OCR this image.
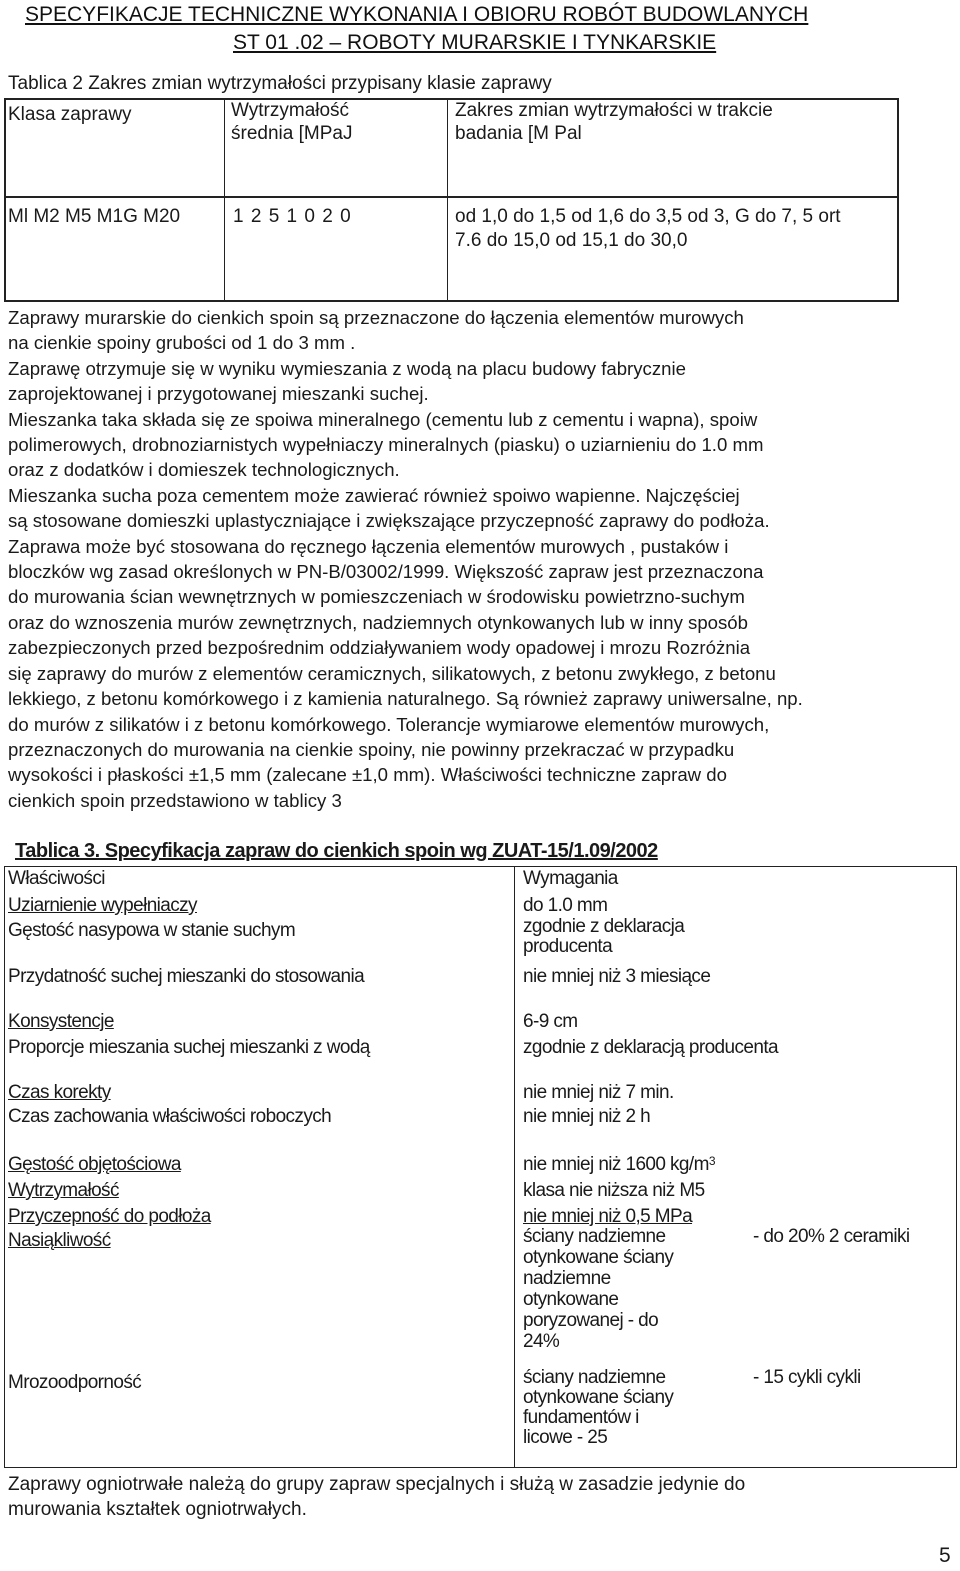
SPECYFIKACJE TECHNICZNE WYKONANIA I OBIORU ROBÓT BUDOWLANYCH
ST 01 .02 – ROBOTY MURARSKIE I TYNKARSKIE
Tablica 2 Zakres zmian wytrzymałości przypisany klasie zaprawy
Klasa zaprawy	Wytrzymałość
średnia [MPaJ
Zakres zmian wytrzymałości w trakcie
badania [M Pal
Ml M2 M5 M1G M20	1 2 5 1 0 2 0	od 1,0 do 1,5 od 1,6 do 3,5 od 3, G do 7, 5 ort
7.6 do 15,0 od 15,1 do 30,0
Zaprawy murarskie do cienkich spoin są przeznaczone do łączenia elementów murowych
na cienkie spoiny grubości od 1 do 3 mm .
Zaprawę otrzymuje się w wyniku wymieszania z wodą na placu budowy fabrycznie
zaprojektowanej i przygotowanej mieszanki suchej.
Mieszanka taka składa się ze spoiwa mineralnego (cementu lub z cementu i wapna), spoiw
polimerowych, drobnoziarnistych wypełniaczy mineralnych (piasku) o uziarnieniu do 1.0 mm
oraz z dodatków i domieszek technologicznych.
Mieszanka sucha poza cementem może zawierać również spoiwo wapienne. Najczęściej
są stosowane domieszki uplastyczniające i zwiększające przyczepność zaprawy do podłoża.
Zaprawa może być stosowana do ręcznego łączenia elementów murowych , pustaków i
bloczków wg zasad określonych w PN-B/03002/1999. Większość zapraw jest przeznaczona
do murowania ścian wewnętrznych w pomieszczeniach w środowisku powietrzno-suchym
oraz do wznoszenia murów zewnętrznych, nadziemnych otynkowanych lub w inny sposób
zabezpieczonych przed bezpośrednim oddziaływaniem wody opadowej i mrozu Rozróżnia
się zaprawy do murów z elementów ceramicznych, silikatowych, z betonu zwykłego, z betonu
lekkiego, z betonu komórkowego i z kamienia naturalnego. Są również zaprawy uniwersalne, np.
do murów z silikatów i z betonu komórkowego. Tolerancje wymiarowe elementów murowych,
przeznaczonych do murowania na cienkie spoiny, nie powinny przekraczać w przypadku
wysokości i płaskości ±1,5 mm (zalecane ±1,0 mm). Właściwości techniczne zapraw do
cienkich spoin przedstawiono w tablicy 3
Tablica 3. Specyfikacja zapraw do cienkich spoin wg ZUAT-15/1.09/2002
Właściwości	Wymagania
Uziarnienie wypełniaczy	do 1.0 mm
Gęstość nasypowa w stanie suchym	zgodnie z deklaracja
producenta
Przydatność suchej mieszanki do stosowania	nie mniej niż 3 miesiące
Konsystencje	6-9 cm
Proporcje mieszania suchej mieszanki z wodą	zgodnie z deklaracją producenta
Czas korekty	nie mniej niż 7 min.
Czas zachowania właściwości roboczych	nie mniej niż 2 h
Gęstość objętościowa	nie mniej niż 1600 $kg/m^3$
Wytrzymałość	klasa nie niższa niż M5
Przyczepność do podłoża	nie mniej niż 0,5 MPa
Nasiąkliwość	ściany nadziemne
otynkowane ściany
nadziemne
otynkowane
poryzowanej - do
24%
- do 20% 2 ceramiki
Mrozoodporność	ściany nadziemne
otynkowane ściany
fundamentów i
licowe - 25
- 15 cykli cykli
Zaprawy ogniotrwałe należą do grupy zapraw specjalnych i służą w zasadzie jedynie do
murowania kształtek ogniotrwałych.
5
